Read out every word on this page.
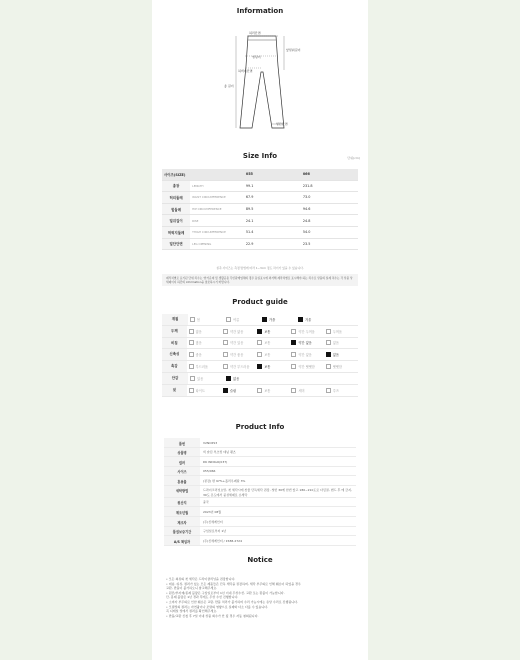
Information
허리단면
앞밑위길이
엉덩이
허벅지단면
총 길이
밑단단면
Size Info	단위(cm)
사이즈(SIZE)		055	066
총장	LENGTH	99.1	231.8
허리둘레	WAIST CIRCUMFERENCE	67.9	73.0
힙둘레	HIP CIRCUMFERENCE	89.5	94.6
밑위길이	RISE	24.1	24.8
허벅지둘레	THIGH CIRCUMFERENCE	51.4	54.0
밑단단면	LEG OPENING	22.9	23.5
실측 사이즈는 측정 방법에 따라 1~3cm 정도 차이가 있을 수 있습니다.
제작처별로 표기된 단위 치수는 '한가운데 및 생활공용 무인판매업체의 경우 동일표시에 의거해 제작처별로 표시해야 하는 치수로 상품의 실제 치수는 각 상품 상세페이지 하단의 information을 참조하시기 바랍니다.
Product guide
계절	봄	여름	가을	겨울
두께	얇음	약간 얇음	보통	약간 두꺼움	두꺼움
비침	많음	약간 있음	보통	약간 없음	없음
신축성	좋음	약간 좋음	보통	약간 없음	없음
촉감	부드러움	약간 부드러움	보통	약간 뻣뻣함	뻣뻣함
안감	있음	없음
핏	타이트	슬림	보통	세미	루즈
Product Info
품번	V2NOP13
상품명	빅 슬림 부츠컷 데님 팬츠
컬러	DK INDIGO(037)
사이즈	055/066
혼용률	(겉감) 면 97%+폴리우레탄 3%
세탁방법	드라이크리닝요망, 첫 세탁시에 찬물 단독세탁 권장, 첫번 30에 한번 앞고 180~210도로 다림질, 밴드 후 에 금지, 30도 온도에서 중성세제로 손세탁
원산지	중국
제조년월	2023년 08월
제조자	(주)신세계인터
품질보증기간	구입일로부터 1년
A/S 책임자	(주)신세계인터 / 1588-2724
Notice
• 모든 의류의 첫 세탁은 드라이클리닝을 권장합니다.
• 데님, 워싱, 컬러가 있는 모든 제품들은 단독 세탁을 권장하며, 세탁 부주의로 인해 훼손이 되었을 경우
교환, 반품이 불가하오니 참고해주세요.
• 원단/부자재/봉제 불량은 구입일로부터 1년 이내 무상수선, 교환 또는 환불이 가능합니다.
단, 봉제 불량은 1년 경과 후에도 무상 수선 진행합니다.
• 소비자 부주의로 인한 훼손은 교환, 반품 처리가 불가하며 수리 가능시에는 유상 수리로 진행됩니다.
• 모델컷의 컬러는 자연광이나 조명의 영향으로 실제와 다소 다를 수 있습니다.
꼭 디테일 컷에서 컬러를 확인해주세요.
• 반품/교환 신청 후 7일 이내 상품 회수가 안 될 경우 자동 철회됩니다.
